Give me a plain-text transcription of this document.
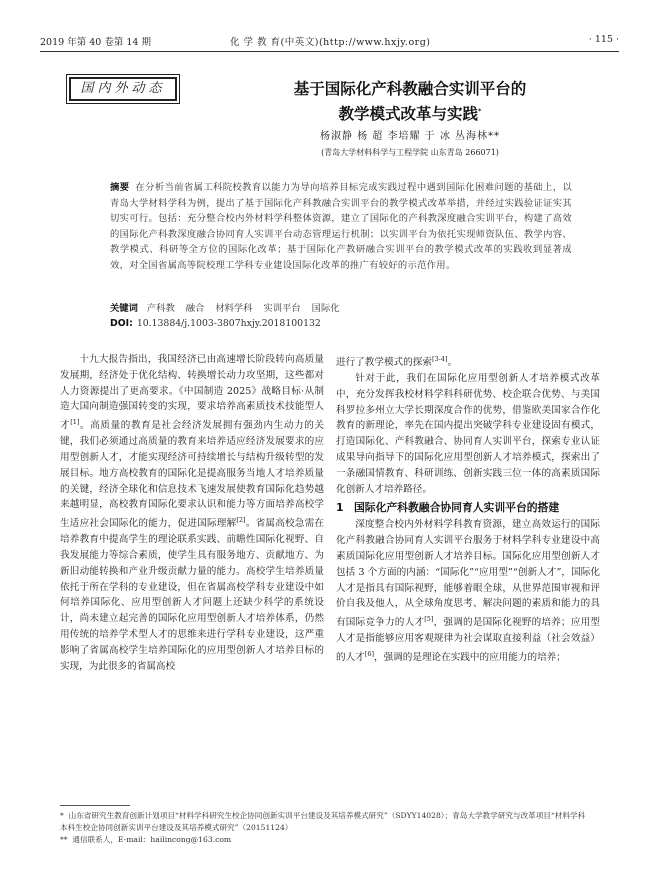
2019 年第 40 卷第 14 期	化 学 教 育(中英文)(http://www.hxjy.org)	· 115 ·
国内外动态	基于国际化产科教融合实训平台的
教学模式改革与实践*
杨淑静 杨 超 李培耀 于 冰 丛海林**
(青岛大学材料科学与工程学院 山东青岛 266071)
摘要 在分析当前省属工科院校教育以能力为导向培养目标完成实践过程中遇到国际化困难问题的基础上，以青岛大学材料学科为例，提出了基于国际化产科教融合实训平台的教学模式改革举措，并经过实践验证证实其切实可行。包括：充分整合校内外材料学科整体资源，建立了国际化的产科教深度融合实训平台，构建了高效的国际化产科教深度融合协同育人实训平台动态管理运行机制；以实训平台为依托实现师资队伍、教学内容、教学模式、科研等全方位的国际化改革；基于国际化产教研融合实训平台的教学模式改革的实践收到显著成效，对全国省属高等院校理工学科专业建设国际化改革的推广有较好的示范作用。
关键词 产科教 融合 材料学科 实训平台 国际化
DOI: 10.13884/j.1003-3807hxjy.2018100132

十九大报告指出，我国经济已由高速增长阶段转向高质量发展期，经济处于优化结构、转换增长动力攻坚期，这些都对人力资源提出了更高要求。《中国制造 2025》战略目标·从制造大国向制造强国转变的实现，要求培养高素质技术技能型人才[1]。高质量的教育是社会经济发展拥有强劲内生动力的关键，我们必须通过高质量的教育来培养适应经济发展要求的应用型创新人才，才能实现经济可持续增长与结构升级转型的发展目标。地方高校教育的国际化是提高服务当地人才培养质量的关键，经济全球化和信息技术飞速发展使教育国际化趋势越来越明显，高校教育国际化要求认识和能力等方面培养高校学生适应社会国际化的能力，促进国际理解[2]。省属高校急需在培养教育中提高学生的理论联系实践、前瞻性国际化视野、自我发展能力等综合素质，使学生具有服务地方、贡献地方、为新旧动能转换和产业升级贡献力量的能力。高校学生培养质量依托于所在学科的专业建设，但在省属高校学科专业建设中如何培养国际化、应用型创新人才问题上还缺少科学的系统设计，尚未建立起完善的国际化应用型创新人才培养体系，仍然用传统的培养学术型人才的思维来进行学科专业建设，这严重影响了省属高校学生培养国际化的应用型创新人才培养目标的实现，为此很多的省属高校

进行了教学模式的探索[3-4]。

针对于此，我们在国际化应用型创新人才培养模式改革中，充分发挥我校材料学科科研优势、校企联合优势、与美国科罗拉多州立大学长期深度合作的优势，借鉴欧美国家合作化教育的新理论，率先在国内提出突破学科专业建设固有模式，打造国际化、产科教融合、协同育人实训平台，探索专业认证成果导向指导下的国际化应用型创新人才培养模式，探索出了一条融国情教育、科研训练、创新实践三位一体的高素质国际化创新人才培养路径。

1 国际化产科教融合协同育人实训平台的搭建

深度整合校内外材料学科教育资源，建立高效运行的国际化产科教融合协同育人实训平台服务于材料学科专业建设中高素质国际化应用型创新人才培养目标。国际化应用型创新人才包括 3 个方面的内涵：“国际化”“应用型”“创新人才”，国际化人才是指具有国际视野，能够着眼全球，从世界范围审视和评价自我及他人，从全球角度思考、解决问题的素质和能力的具有国际竞争力的人才[5]，强调的是国际化视野的培养；应用型人才是指能够应用客观规律为社会谋取直接利益（社会效益）的人才[6]，强调的是理论在实践中的应用能力的培养；

* 山东省研究生教育创新计划项目“材料学科研究生校企协同创新实训平台建设及其培养模式研究”（SDYY14028）；青岛大学教学研究与改革项目“材料学科本科生校企协同创新实训平台建设及其培养模式研究”（20151124）
** 通信联系人，E-mail：hailincong@163.com
